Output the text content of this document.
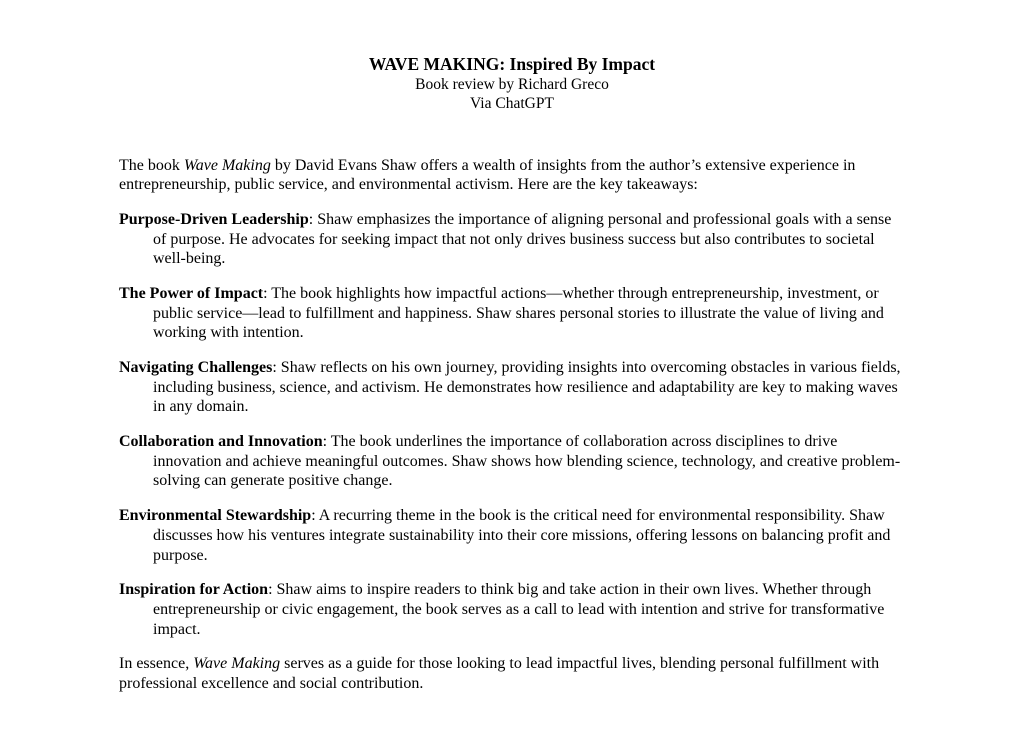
WAVE MAKING: Inspired By Impact
Book review by Richard Greco
Via ChatGPT

The book Wave Making by David Evans Shaw offers a wealth of insights from the author’s extensive experience in entrepreneurship, public service, and environmental activism. Here are the key takeaways:

Purpose-Driven Leadership: Shaw emphasizes the importance of aligning personal and professional goals with a sense of purpose. He advocates for seeking impact that not only drives business success but also contributes to societal well-being.

The Power of Impact: The book highlights how impactful actions—whether through entrepreneurship, investment, or public service—lead to fulfillment and happiness. Shaw shares personal stories to illustrate the value of living and working with intention.

Navigating Challenges: Shaw reflects on his own journey, providing insights into overcoming obstacles in various fields, including business, science, and activism. He demonstrates how resilience and adaptability are key to making waves in any domain.

Collaboration and Innovation: The book underlines the importance of collaboration across disciplines to drive innovation and achieve meaningful outcomes. Shaw shows how blending science, technology, and creative problem-solving can generate positive change.

Environmental Stewardship: A recurring theme in the book is the critical need for environmental responsibility. Shaw discusses how his ventures integrate sustainability into their core missions, offering lessons on balancing profit and purpose.

Inspiration for Action: Shaw aims to inspire readers to think big and take action in their own lives. Whether through entrepreneurship or civic engagement, the book serves as a call to lead with intention and strive for transformative impact.

In essence, Wave Making serves as a guide for those looking to lead impactful lives, blending personal fulfillment with professional excellence and social contribution.
